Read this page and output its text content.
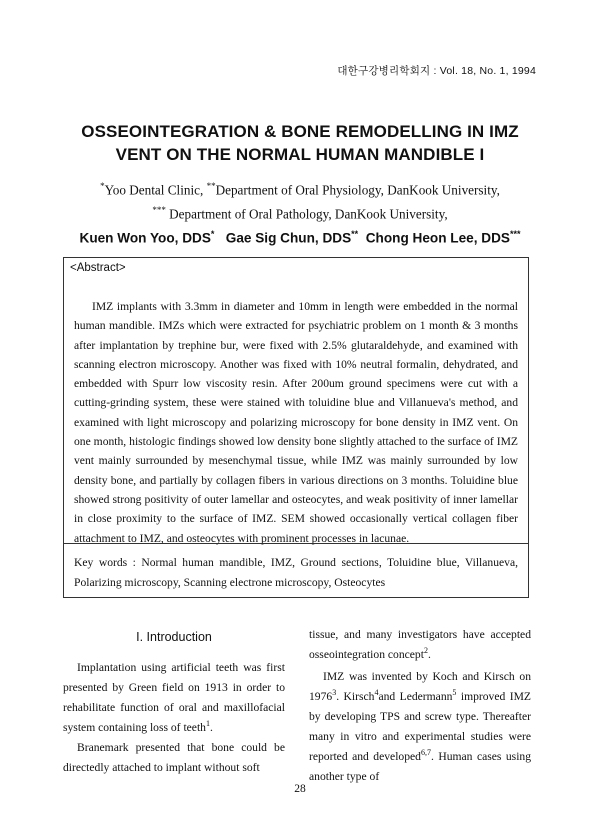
대한구강병리학회지 : Vol. 18, No. 1, 1994
OSSEOINTEGRATION & BONE REMODELLING IN IMZ
VENT ON THE NORMAL HUMAN MANDIBLE I
*Yoo Dental Clinic, **Department of Oral Physiology, DanKook University,
*** Department of Oral Pathology, DanKook University,
Kuen Won Yoo, DDS* Gae Sig Chun, DDS** Chong Heon Lee, DDS***
<Abstract>
IMZ implants with 3.3mm in diameter and 10mm in length were embedded in the normal human mandible. IMZs which were extracted for psychiatric problem on 1 month & 3 months after implantation by trephine bur, were fixed with 2.5% glutaraldehyde, and examined with scanning electron microscopy. Another was fixed with 10% neutral formalin, dehydrated, and embedded with Spurr low viscosity resin. After 200um ground specimens were cut with a cutting-grinding system, these were stained with toluidine blue and Villanueva's method, and examined with light microscopy and polarizing microscopy for bone density in IMZ vent. On one month, histologic findings showed low density bone slightly attached to the surface of IMZ vent mainly surrounded by mesenchymal tissue, while IMZ was mainly surrounded by low density bone, and partially by collagen fibers in various directions on 3 months. Toluidine blue showed strong positivity of outer lamellar and osteocytes, and weak positivity of inner lamellar in close proximity to the surface of IMZ. SEM showed occasionally vertical collagen fiber attachment to IMZ, and osteocytes with prominent processes in lacunae.
Key words : Normal human mandible, IMZ, Ground sections, Toluidine blue, Villanueva, Polarizing microscopy, Scanning electrone microscopy, Osteocytes
I. Introduction

Implantation using artificial teeth was first presented by Green field on 1913 in order to rehabilitate function of oral and maxillofacial system containing loss of teeth$^1$.

Branemark presented that bone could be directedly attached to implant without soft

tissue, and many investigators have accepted osseointegration concept$^2$.

IMZ was invented by Koch and Kirsch on 1976$^3$. Kirsch$^4$and Ledermann$^5$ improved IMZ by developing TPS and screw type. Thereafter many in vitro and experimental studies were reported and developed$^{6,7}$. Human cases using another type of

28
